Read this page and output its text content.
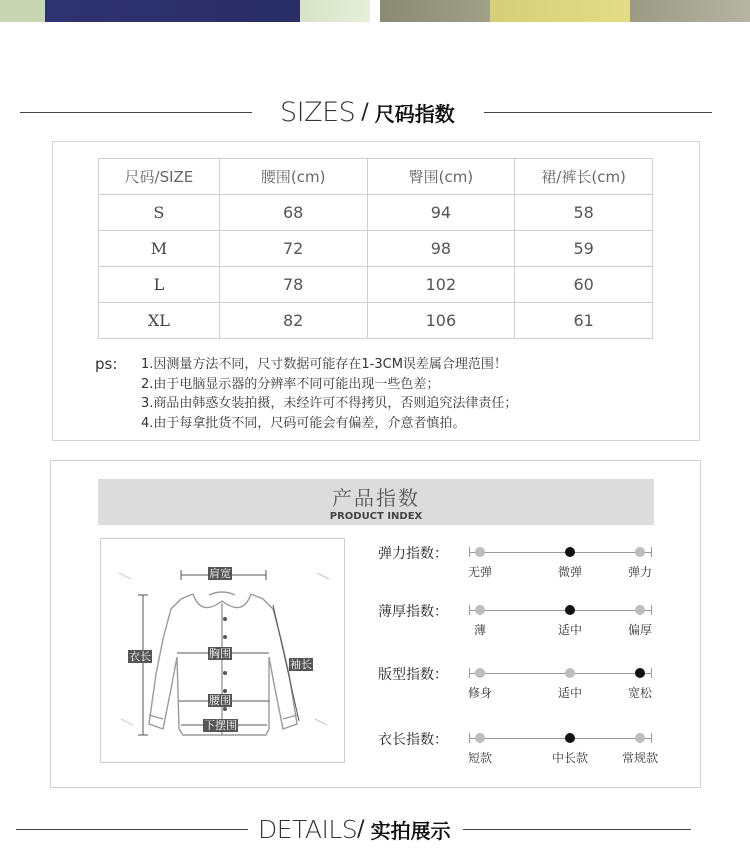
SIZES / 尺码指数
尺码/SIZE	腰围(cm)	臀围(cm)	裙/裤长(cm)
S	68	94	58
M	72	98	59
L	78	102	60
XL	82	106	61
ps: 1.因测量方法不同，尺寸数据可能存在1-3CM误差属合理范围！
2.由于电脑显示器的分辨率不同可能出现一些色差；
3.商品由韩惑女装拍摄，未经许可不得拷贝，否则追究法律责任；
4.由于每拿批货不同，尺码可能会有偏差，介意者慎拍。
产品指数
PRODUCT INDEX
肩宽
胸围
衣长
袖长
腰围
下摆围
弹力指数：
无弹	微弹	弹力
薄厚指数：
薄	适中	偏厚
版型指数：
修身	适中	宽松
衣长指数：
短款	中长款	常规款
DETAILS / 实拍展示
